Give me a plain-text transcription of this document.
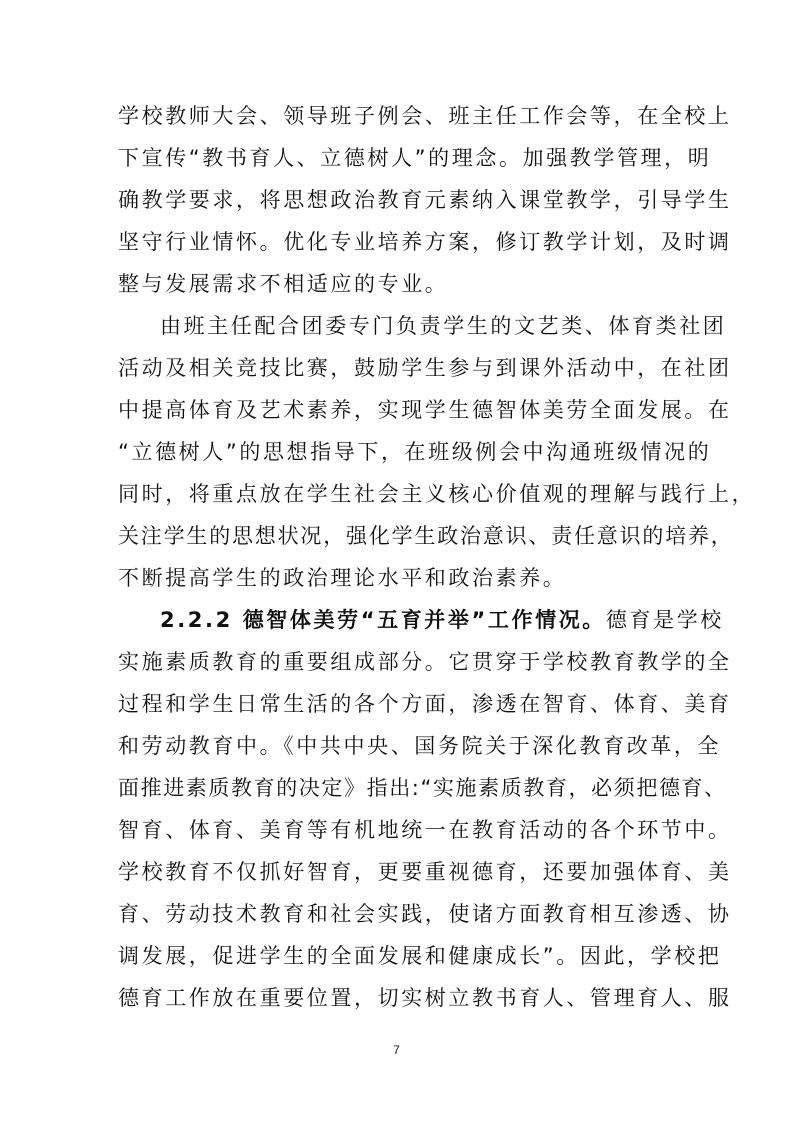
学校教师大会、领导班子例会、班主任工作会等，在全校上
下宣传“教书育人、立德树人”的理念。加强教学管理，明
确教学要求，将思想政治教育元素纳入课堂教学，引导学生
坚守行业情怀。优化专业培养方案，修订教学计划，及时调
整与发展需求不相适应的专业。
由班主任配合团委专门负责学生的文艺类、体育类社团
活动及相关竞技比赛，鼓励学生参与到课外活动中，在社团
中提高体育及艺术素养，实现学生德智体美劳全面发展。在
“立德树人”的思想指导下，在班级例会中沟通班级情况的
同时，将重点放在学生社会主义核心价值观的理解与践行上，
关注学生的思想状况，强化学生政治意识、责任意识的培养，
不断提高学生的政治理论水平和政治素养。
2.2.2 德智体美劳“五育并举”工作情况。德育是学校
实施素质教育的重要组成部分。它贯穿于学校教育教学的全
过程和学生日常生活的各个方面，渗透在智育、体育、美育
和劳动教育中。《中共中央、国务院关于深化教育改革，全
面推进素质教育的决定》指出:“实施素质教育，必须把德育、
智育、体育、美育等有机地统一在教育活动的各个环节中。
学校教育不仅抓好智育，更要重视德育，还要加强体育、美
育、劳动技术教育和社会实践，使诸方面教育相互渗透、协
调发展，促进学生的全面发展和健康成长”。因此，学校把
德育工作放在重要位置，切实树立教书育人、管理育人、服
7
